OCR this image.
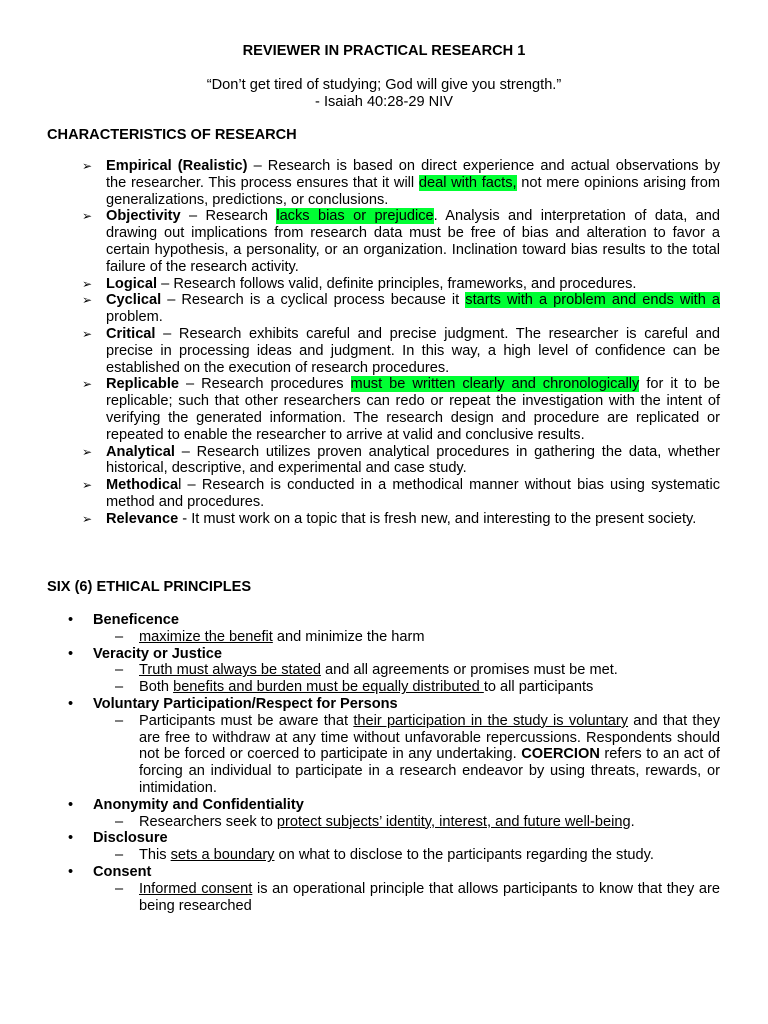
REVIEWER IN PRACTICAL RESEARCH 1
“Don’t get tired of studying; God will give you strength.”
- Isaiah 40:28-29 NIV
CHARACTERISTICS OF RESEARCH
➢ Empirical (Realistic) – Research is based on direct experience and actual observations by the researcher. This process ensures that it will deal with facts, not mere opinions arising from generalizations, predictions, or conclusions.
➢ Objectivity – Research lacks bias or prejudice. Analysis and interpretation of data, and drawing out implications from research data must be free of bias and alteration to favor a certain hypothesis, a personality, or an organization. Inclination toward bias results to the total failure of the research activity.
➢ Logical – Research follows valid, definite principles, frameworks, and procedures.
➢ Cyclical – Research is a cyclical process because it starts with a problem and ends with a problem.
➢ Critical – Research exhibits careful and precise judgment. The researcher is careful and precise in processing ideas and judgment. In this way, a high level of confidence can be established on the execution of research procedures.
➢ Replicable – Research procedures must be written clearly and chronologically for it to be replicable; such that other researchers can redo or repeat the investigation with the intent of verifying the generated information. The research design and procedure are replicated or repeated to enable the researcher to arrive at valid and conclusive results.
➢ Analytical – Research utilizes proven analytical procedures in gathering the data, whether historical, descriptive, and experimental and case study.
➢ Methodical – Research is conducted in a methodical manner without bias using systematic method and procedures.
➢ Relevance - It must work on a topic that is fresh new, and interesting to the present society.
SIX (6) ETHICAL PRINCIPLES
• Beneficence
– maximize the benefit and minimize the harm
• Veracity or Justice
– Truth must always be stated and all agreements or promises must be met.
– Both benefits and burden must be equally distributed to all participants
• Voluntary Participation/Respect for Persons
– Participants must be aware that their participation in the study is voluntary and that they are free to withdraw at any time without unfavorable repercussions. Respondents should not be forced or coerced to participate in any undertaking. COERCION refers to an act of forcing an individual to participate in a research endeavor by using threats, rewards, or intimidation.
• Anonymity and Confidentiality
– Researchers seek to protect subjects’ identity, interest, and future well-being.
• Disclosure
– This sets a boundary on what to disclose to the participants regarding the study.
• Consent
– Informed consent is an operational principle that allows participants to know that they are being researched
